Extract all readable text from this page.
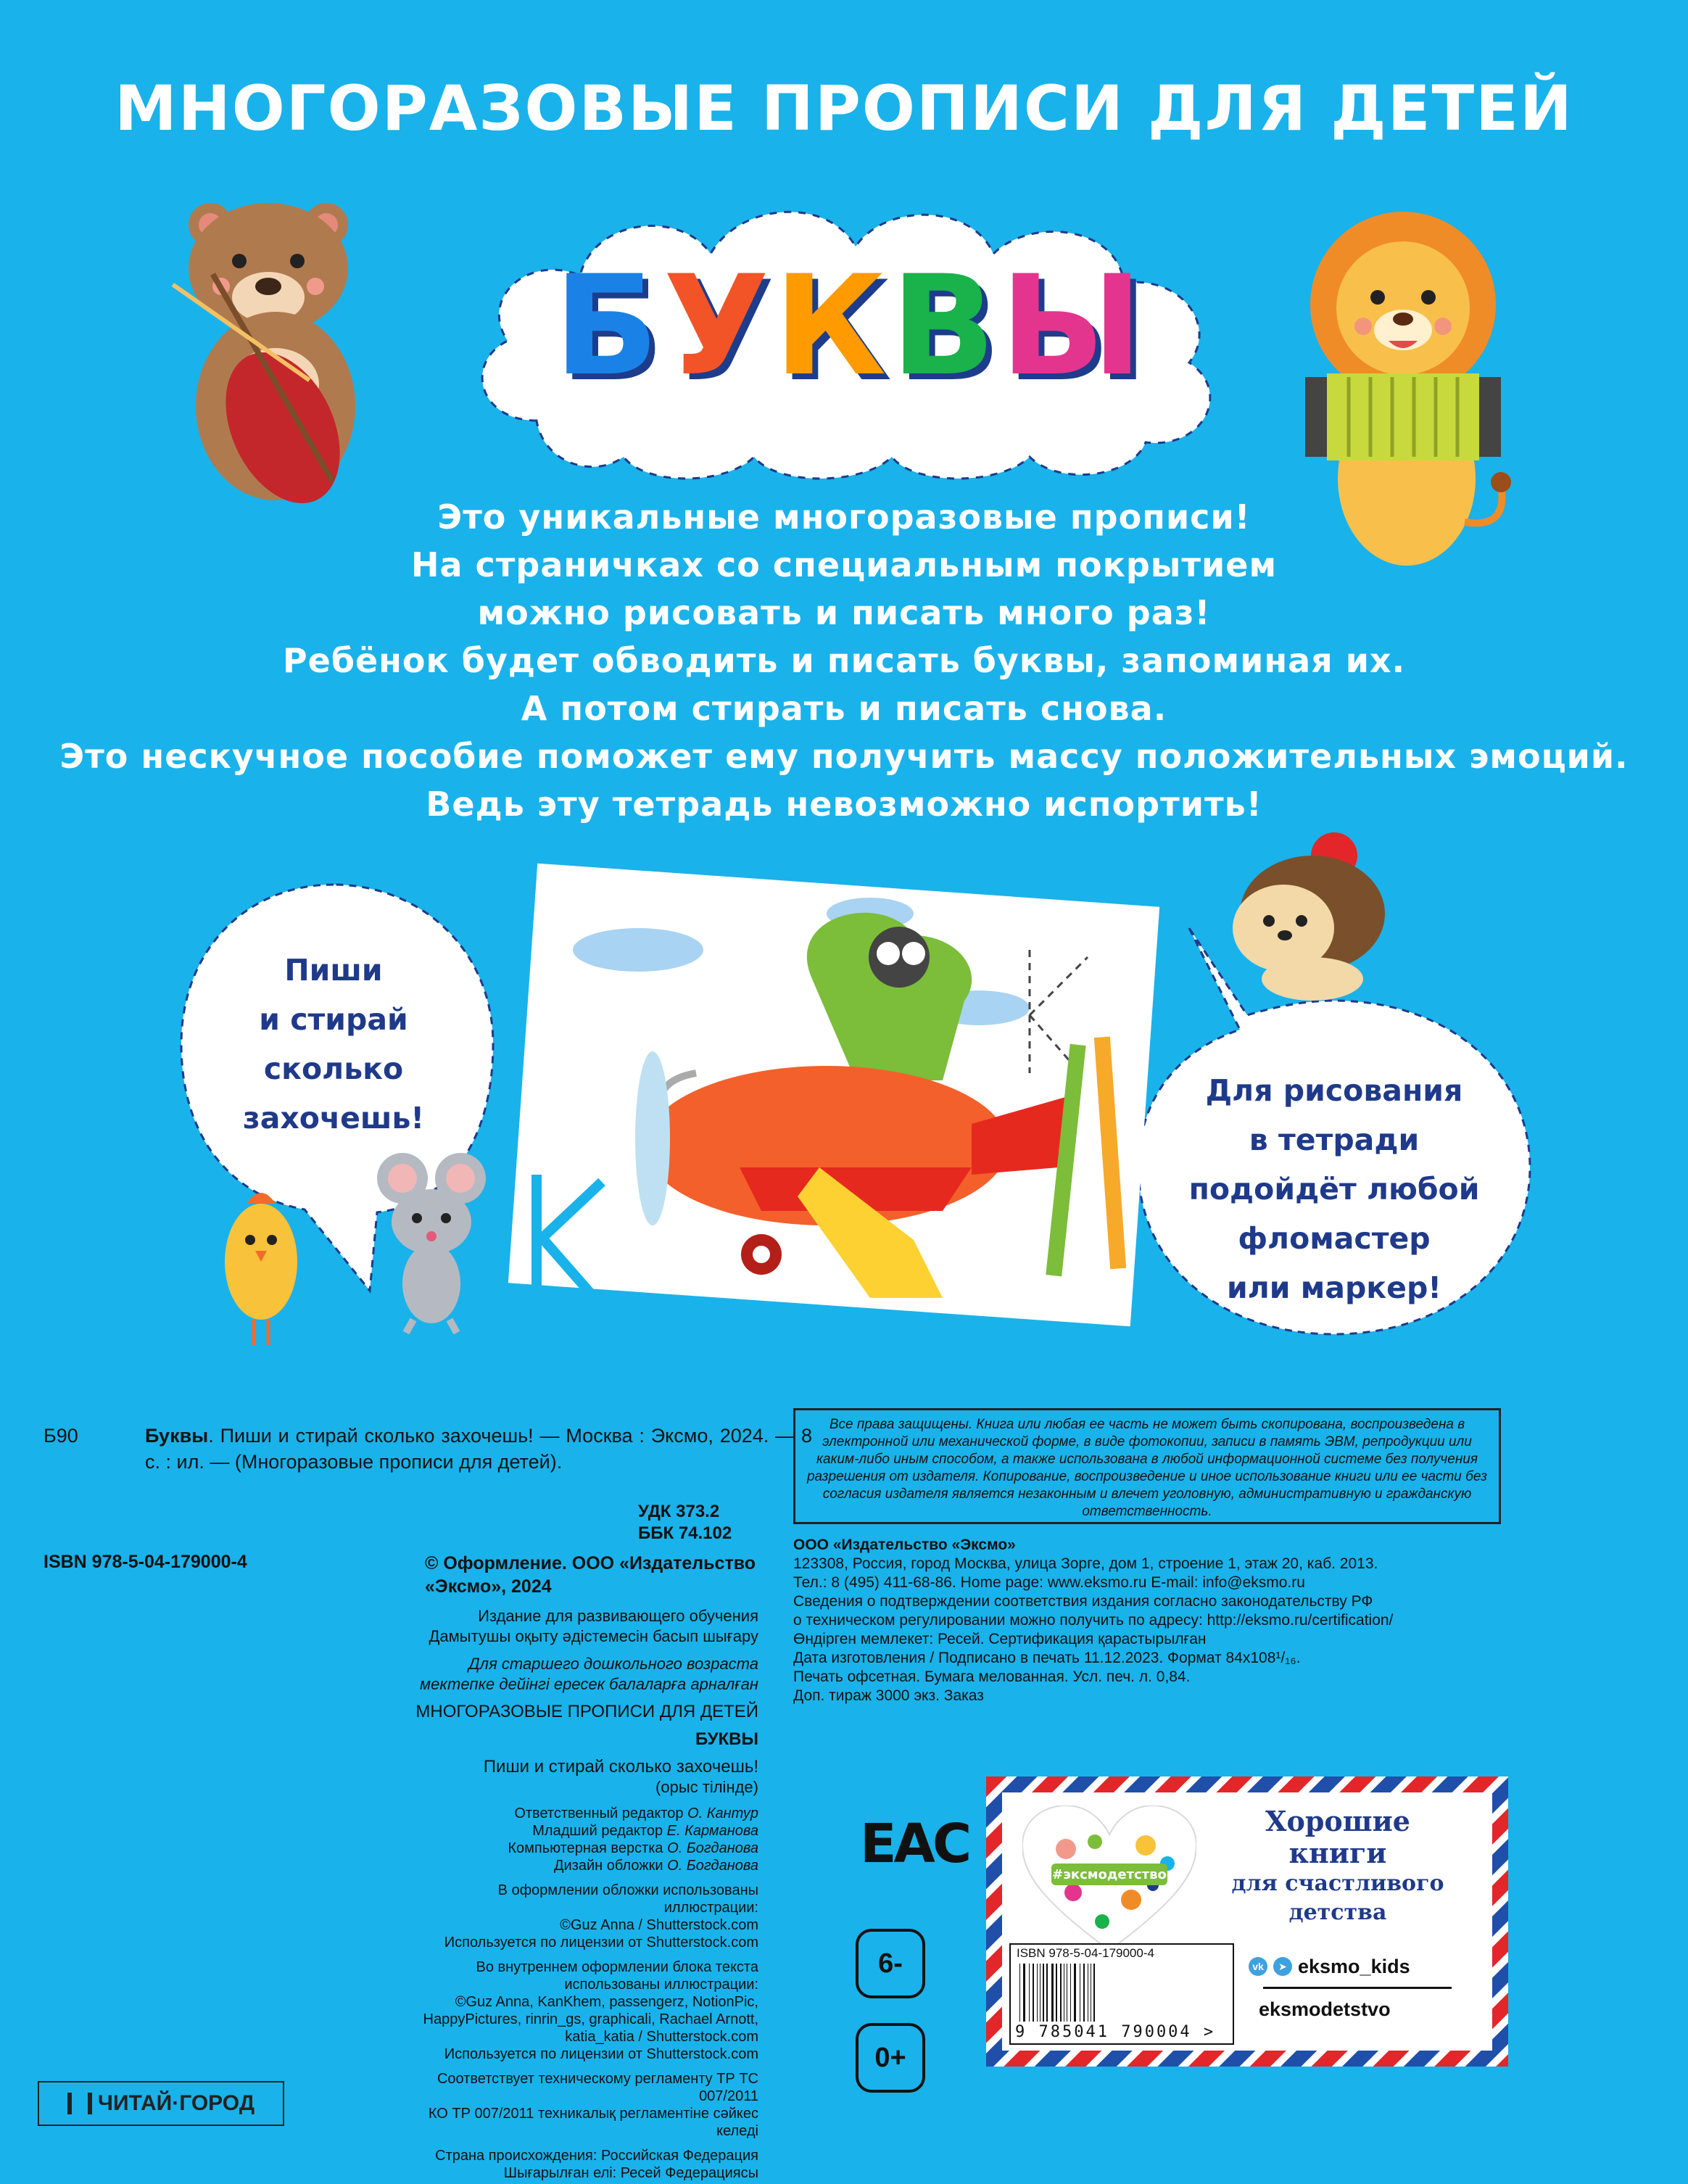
МНОГОРАЗОВЫЕ ПРОПИСИ ДЛЯ ДЕТЕЙ
Б У К В Ы
Это уникальные многоразовые прописи!
На страничках со специальным покрытием
можно рисовать и писать много раз!
Ребёнок будет обводить и писать буквы, запоминая их.
А потом стирать и писать снова.
Это нескучное пособие поможет ему получить массу положительных эмоций.
Ведь эту тетрадь невозможно испортить!
Пиши
и стирай
сколько
захочешь!
Для рисования
в тетради
подойдёт любой
фломастер
или маркер!
Б90	Буквы. Пиши и стирай сколько захочешь! — Москва : Эксмо, 2024. — 8 с. : ил. — (Многоразовые прописи для детей).
УДК 373.2
ББК 74.102
ISBN 978-5-04-179000-4	© Оформление. ООО «Издательство
«Эксмо», 2024
Издание для развивающего обучения
Дамытушы оқыту әдістемесін басып шығару
Для старшего дошкольного возраста
мектепке дейінгі ересек балаларға арналған
МНОГОРАЗОВЫЕ ПРОПИСИ ДЛЯ ДЕТЕЙ
БУКВЫ
Пиши и стирай сколько захочешь!
(орыс тілінде)
Ответственный редактор О. Кантур
Младший редактор Е. Карманова
Компьютерная верстка О. Богданова
Дизайн обложки О. Богданова
В оформлении обложки использованы иллюстрации:
©Guz Anna / Shutterstock.com
Используется по лицензии от Shutterstock.com
Во внутреннем оформлении блока текста использованы иллюстрации:
©Guz Anna, KanKhem, passengerz, NotionPic, HappyPictures, rinrin_gs, graphicali, Rachael Arnott,
katia_katia / Shutterstock.com
Используется по лицензии от Shutterstock.com
Соответствует техническому регламенту ТР ТС 007/2011
КО ТР 007/2011 техникалық регламентіне сәйкес келеді
Страна происхождения: Российская Федерация
Шығарылған елі: Ресей Федерациясы
Все права защищены. Книга или любая ее часть не может быть скопирована, воспроизведена в электронной или механической форме, в виде фотокопии, записи в память ЭВМ, репродукции или каким-либо иным способом, а также использована в любой информационной системе без получения разрешения от издателя. Копирование, воспроизведение и иное использование книги или ее части без согласия издателя является незаконным и влечет уголовную, административную и гражданскую ответственность.
ООО «Издательство «Эксмо»
123308, Россия, город Москва, улица Зорге, дом 1, строение 1, этаж 20, каб. 2013.
Тел.: 8 (495) 411-68-86. Home page: www.eksmo.ru E-mail: info@eksmo.ru
Сведения о подтверждении соответствия издания согласно законодательству РФ
о техническом регулировании можно получить по адресу: http://eksmo.ru/certification/
Өндірген мемлекет: Ресей. Сертификация қарастырылған
Дата изготовления / Подписано в печать 11.12.2023. Формат 84x108¹/₁₆.
Печать офсетная. Бумага мелованная. Усл. печ. л. 0,84.
Доп. тираж 3000 экз. Заказ
EAC
6-
0+
#эксмодетство
Хорошие
книги
для счастливого
детства
ISBN 978-5-04-179000-4
9 785041 790004 >
vk	➤ eksmo_kids
eksmodetstvo
ЧИТАЙ·ГОРОД
